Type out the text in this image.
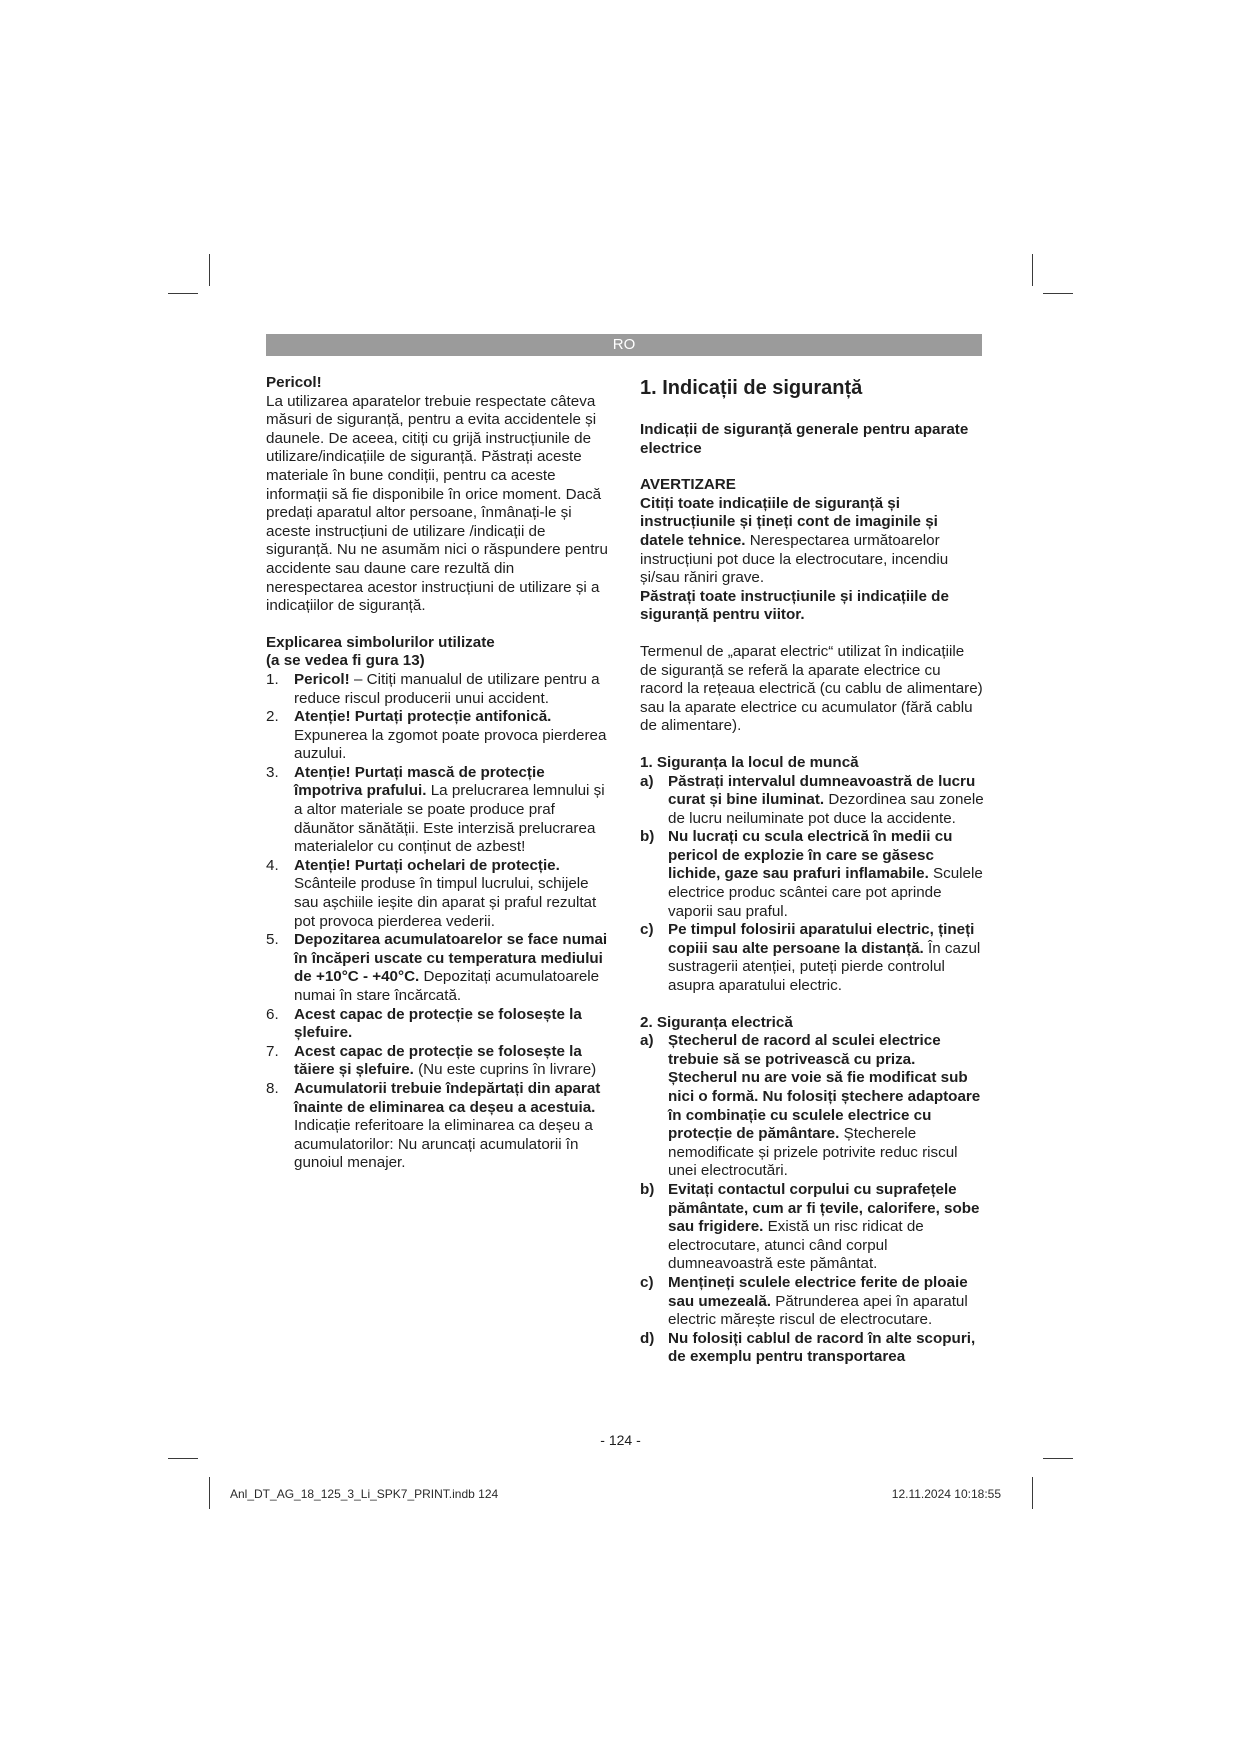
RO

Pericol!

La utilizarea aparatelor trebuie respectate câteva măsuri de siguranță, pentru a evita accidentele și daunele. De aceea, citiți cu grijă instrucțiunile de utilizare/indicațiile de siguranță. Păstrați aceste materiale în bune condiții, pentru ca aceste informații să fie disponibile în orice moment. Dacă predați aparatul altor persoane, înmânați-le și aceste instrucțiuni de utilizare /indicații de siguranță. Nu ne asumăm nici o răspundere pentru accidente sau daune care rezultă din nerespectarea acestor instrucțiuni de utilizare și a indicațiilor de siguranță.

Explicarea simbolurilor utilizate

(a se vedea fi gura 13)

1. Pericol! – Citiți manualul de utilizare pentru a reduce riscul producerii unui accident.
2. Atenție! Purtați protecție antifonică. Expunerea la zgomot poate provoca pierderea auzului.
3. Atenție! Purtați mască de protecție împotriva prafului. La prelucrarea lemnului și a altor materiale se poate produce praf dăunător sănătății. Este interzisă prelucrarea materialelor cu conținut de azbest!
4. Atenție! Purtați ochelari de protecție. Scânteile produse în timpul lucrului, schijele sau așchiile ieșite din aparat și praful rezultat pot provoca pierderea vederii.
5. Depozitarea acumulatoarelor se face numai în încăperi uscate cu temperatura mediului de +10°C - +40°C. Depozitați acumulatoarele numai în stare încărcată.
6. Acest capac de protecție se folosește la șlefuire.
7. Acest capac de protecție se folosește la tăiere și șlefuire. (Nu este cuprins în livrare)
8. Acumulatorii trebuie îndepărtați din aparat înainte de eliminarea ca deșeu a acestuia. Indicație referitoare la eliminarea ca deșeu a acumulatorilor: Nu aruncați acumulatorii în gunoiul menajer.

1. Indicații de siguranță

Indicații de siguranță generale pentru aparate electrice

AVERTIZARE

Citiți toate indicațiile de siguranță și instrucțiunile și țineți cont de imaginile și datele tehnice. Nerespectarea următoarelor instrucțiuni pot duce la electrocutare, incendiu și/sau răniri grave.

Păstrați toate instrucțiunile și indicațiile de siguranță pentru viitor.

Termenul de „aparat electric“ utilizat în indicațiile de siguranță se referă la aparate electrice cu racord la rețeaua electrică (cu cablu de alimentare) sau la aparate electrice cu acumulator (fără cablu de alimentare).

1. Siguranța la locul de muncă

a) Păstrați intervalul dumneavoastră de lucru curat și bine iluminat. Dezordinea sau zonele de lucru neiluminate pot duce la accidente.
b) Nu lucrați cu scula electrică în medii cu pericol de explozie în care se găsesc lichide, gaze sau prafuri inflamabile. Sculele electrice produc scântei care pot aprinde vaporii sau praful.
c) Pe timpul folosirii aparatului electric, țineți copiii sau alte persoane la distanță. În cazul sustragerii atenției, puteți pierde controlul asupra aparatului electric.

2. Siguranța electrică

a) Ștecherul de racord al sculei electrice trebuie să se potrivească cu priza. Ștecherul nu are voie să fie modificat sub nici o formă. Nu folosiți ștechere adaptoare în combinație cu sculele electrice cu protecție de pământare. Ștecherele nemodificate și prizele potrivite reduc riscul unei electrocutări.
b) Evitați contactul corpului cu suprafețele pământate, cum ar fi țevile, calorifere, sobe sau frigidere. Există un risc ridicat de electrocutare, atunci când corpul dumneavoastră este pământat.
c) Mențineți sculele electrice ferite de ploaie sau umezeală. Pătrunderea apei în aparatul electric mărește riscul de electrocutare.
d) Nu folosiți cablul de racord în alte scopuri, de exemplu pentru transportarea
- 124 -
Anl_DT_AG_18_125_3_Li_SPK7_PRINT.indb 124	12.11.2024 10:18:55
